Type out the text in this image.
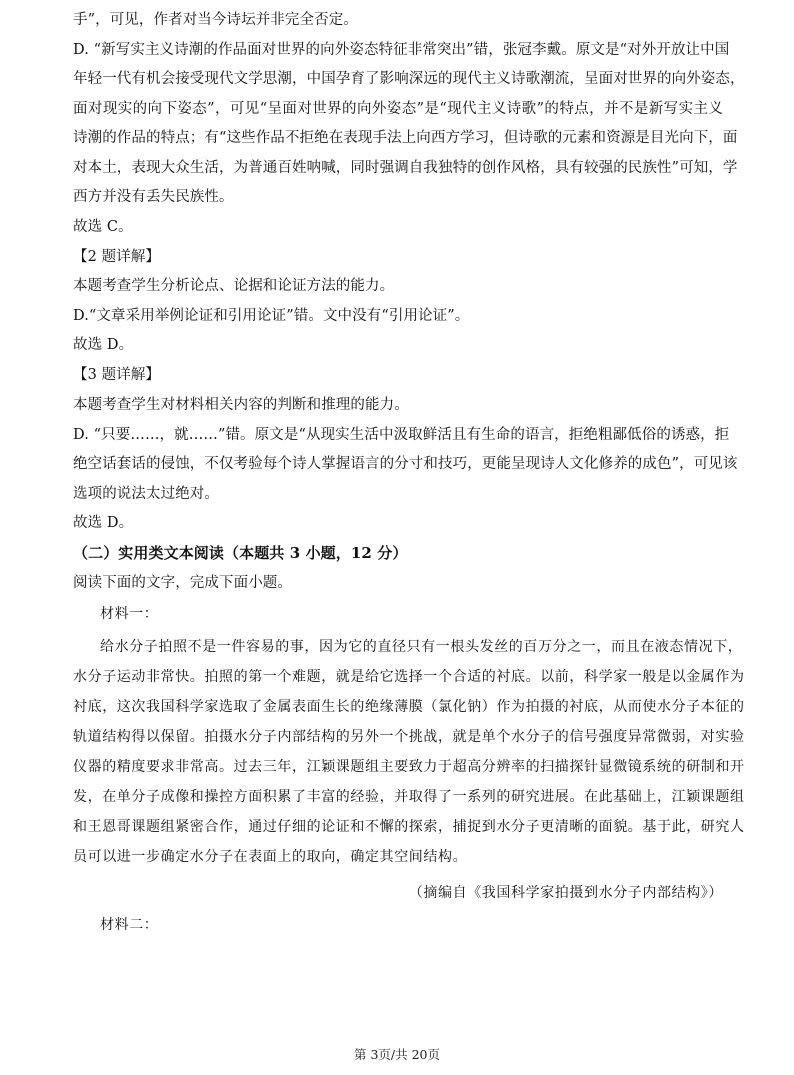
手”，可见，作者对当今诗坛并非完全否定。
D. “新写实主义诗潮的作品面对世界的向外姿态特征非常突出”错，张冠李戴。原文是“对外开放让中国
年轻一代有机会接受现代文学思潮，中国孕育了影响深远的现代主义诗歌潮流，呈面对世界的向外姿态，
面对现实的向下姿态”，可见“呈面对世界的向外姿态”是“现代主义诗歌”的特点，并不是新写实主义
诗潮的作品的特点；有“这些作品不拒绝在表现手法上向西方学习，但诗歌的元素和资源是目光向下，面
对本土，表现大众生活，为普通百姓呐喊，同时强调自我独特的创作风格，具有较强的民族性”可知，学
西方并没有丢失民族性。
故选 C。
【2 题详解】
本题考查学生分析论点、论据和论证方法的能力。
D.“文章采用举例论证和引用论证”错。文中没有“引用论证”。
故选 D。
【3 题详解】
本题考查学生对材料相关内容的判断和推理的能力。
D. “只要……，就……”错。原文是“从现实生活中汲取鲜活且有生命的语言，拒绝粗鄙低俗的诱惑，拒
绝空话套话的侵蚀，不仅考验每个诗人掌握语言的分寸和技巧，更能呈现诗人文化修养的成色”，可见该
选项的说法太过绝对。
故选 D。
（二）实用类文本阅读（本题共 3 小题，12 分）
阅读下面的文字，完成下面小题。
材料一：
给水分子拍照不是一件容易的事，因为它的直径只有一根头发丝的百万分之一，而且在液态情况下，
水分子运动非常快。拍照的第一个难题，就是给它选择一个合适的衬底。以前，科学家一般是以金属作为
衬底，这次我国科学家选取了金属表面生长的绝缘薄膜（氯化钠）作为拍摄的衬底，从而使水分子本征的
轨道结构得以保留。拍摄水分子内部结构的另外一个挑战，就是单个水分子的信号强度异常微弱，对实验
仪器的精度要求非常高。过去三年，江颖课题组主要致力于超高分辨率的扫描探针显微镜系统的研制和开
发，在单分子成像和操控方面积累了丰富的经验，并取得了一系列的研究进展。在此基础上，江颖课题组
和王恩哥课题组紧密合作，通过仔细的论证和不懈的探索，捕捉到水分子更清晰的面貌。基于此，研究人
员可以进一步确定水分子在表面上的取向，确定其空间结构。
（摘编自《我国科学家拍摄到水分子内部结构》）
材料二：
第 3页/共 20页
